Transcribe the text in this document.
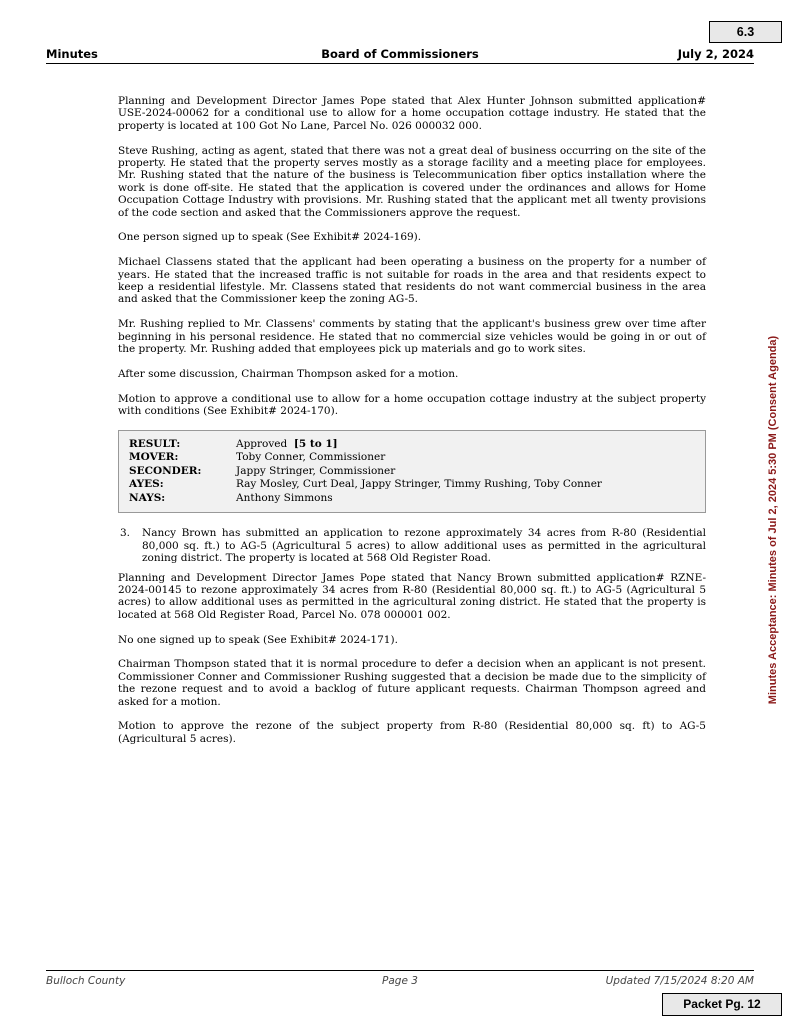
6.3
Minutes	Board of Commissioners	July 2, 2024

Planning and Development Director James Pope stated that Alex Hunter Johnson submitted application# USE-2024-00062 for a conditional use to allow for a home occupation cottage industry. He stated that the property is located at 100 Got No Lane, Parcel No. 026 000032 000.

Steve Rushing, acting as agent, stated that there was not a great deal of business occurring on the site of the property. He stated that the property serves mostly as a storage facility and a meeting place for employees. Mr. Rushing stated that the nature of the business is Telecommunication fiber optics installation where the work is done off-site. He stated that the application is covered under the ordinances and allows for Home Occupation Cottage Industry with provisions. Mr. Rushing stated that the applicant met all twenty provisions of the code section and asked that the Commissioners approve the request.

One person signed up to speak (See Exhibit# 2024-169).

Michael Classens stated that the applicant had been operating a business on the property for a number of years. He stated that the increased traffic is not suitable for roads in the area and that residents expect to keep a residential lifestyle. Mr. Classens stated that residents do not want commercial business in the area and asked that the Commissioner keep the zoning AG-5.

Mr. Rushing replied to Mr. Classens' comments by stating that the applicant's business grew over time after beginning in his personal residence. He stated that no commercial size vehicles would be going in or out of the property. Mr. Rushing added that employees pick up materials and go to work sites.

After some discussion, Chairman Thompson asked for a motion.

Motion to approve a conditional use to allow for a home occupation cottage industry at the subject property with conditions (See Exhibit# 2024-170).

RESULT:	Approved [5 to 1]
MOVER:	Toby Conner, Commissioner
SECONDER:	Jappy Stringer, Commissioner
AYES:	Ray Mosley, Curt Deal, Jappy Stringer, Timmy Rushing, Toby Conner
NAYS:	Anthony Simmons
3.	Nancy Brown has submitted an application to rezone approximately 34 acres from R-80 (Residential 80,000 sq. ft.) to AG-5 (Agricultural 5 acres) to allow additional uses as permitted in the agricultural zoning district. The property is located at 568 Old Register Road.

Planning and Development Director James Pope stated that Nancy Brown submitted application# RZNE-2024-00145 to rezone approximately 34 acres from R-80 (Residential 80,000 sq. ft.) to AG-5 (Agricultural 5 acres) to allow additional uses as permitted in the agricultural zoning district. He stated that the property is located at 568 Old Register Road, Parcel No. 078 000001 002.

No one signed up to speak (See Exhibit# 2024-171).

Chairman Thompson stated that it is normal procedure to defer a decision when an applicant is not present. Commissioner Conner and Commissioner Rushing suggested that a decision be made due to the simplicity of the rezone request and to avoid a backlog of future applicant requests. Chairman Thompson agreed and asked for a motion.

Motion to approve the rezone of the subject property from R-80 (Residential 80,000 sq. ft) to AG-5 (Agricultural 5 acres).

Minutes Acceptance: Minutes of Jul 2, 2024 5:30 PM (Consent Agenda)
Bulloch County	Page 3	Updated 7/15/2024 8:20 AM
Packet Pg. 12
